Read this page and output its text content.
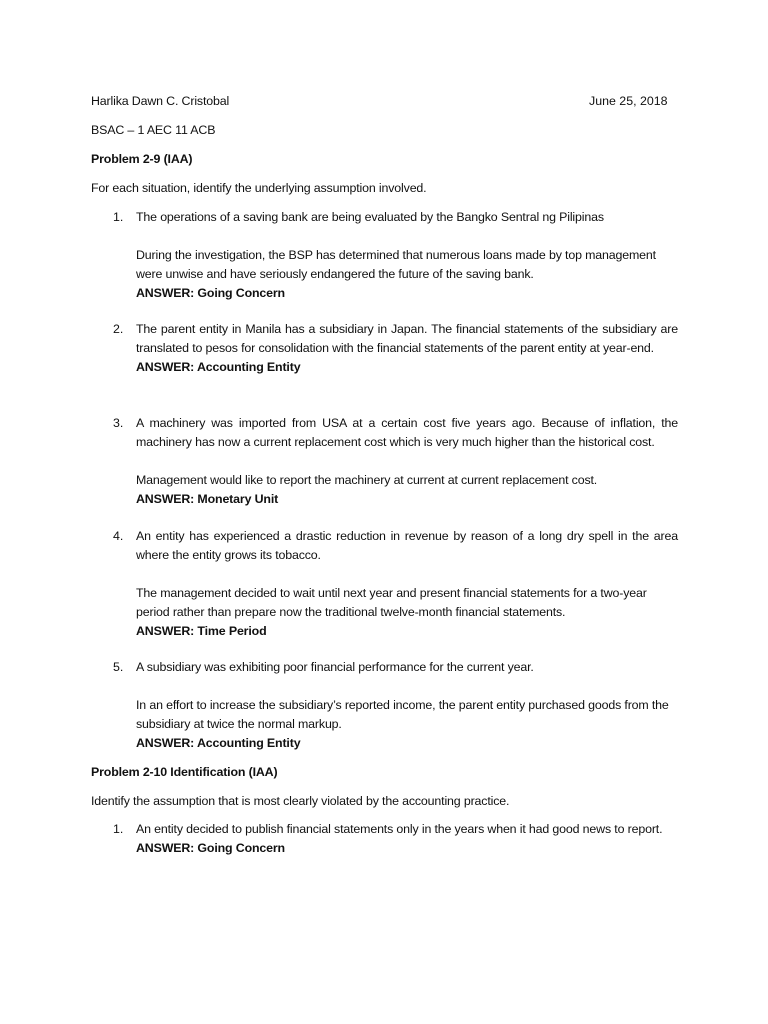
Harlika Dawn C. Cristobal	June 25, 2018
BSAC – 1 AEC 11 ACB
Problem 2-9 (IAA)
For each situation, identify the underlying assumption involved.
1. The operations of a saving bank are being evaluated by the Bangko Sentral ng Pilipinas

During the investigation, the BSP has determined that numerous loans made by top management were unwise and have seriously endangered the future of the saving bank.

ANSWER: Going Concern

2. The parent entity in Manila has a subsidiary in Japan. The financial statements of the subsidiary are translated to pesos for consolidation with the financial statements of the parent entity at year-end.

ANSWER: Accounting Entity

3. A machinery was imported from USA at a certain cost five years ago. Because of inflation, the machinery has now a current replacement cost which is very much higher than the historical cost.

Management would like to report the machinery at current at current replacement cost.

ANSWER: Monetary Unit

4. An entity has experienced a drastic reduction in revenue by reason of a long dry spell in the area where the entity grows its tobacco.

The management decided to wait until next year and present financial statements for a two-year period rather than prepare now the traditional twelve-month financial statements.

ANSWER: Time Period

5. A subsidiary was exhibiting poor financial performance for the current year.

In an effort to increase the subsidiary’s reported income, the parent entity purchased goods from the subsidiary at twice the normal markup.

ANSWER: Accounting Entity

Problem 2-10 Identification (IAA)
Identify the assumption that is most clearly violated by the accounting practice.
1. An entity decided to publish financial statements only in the years when it had good news to report.

ANSWER: Going Concern
